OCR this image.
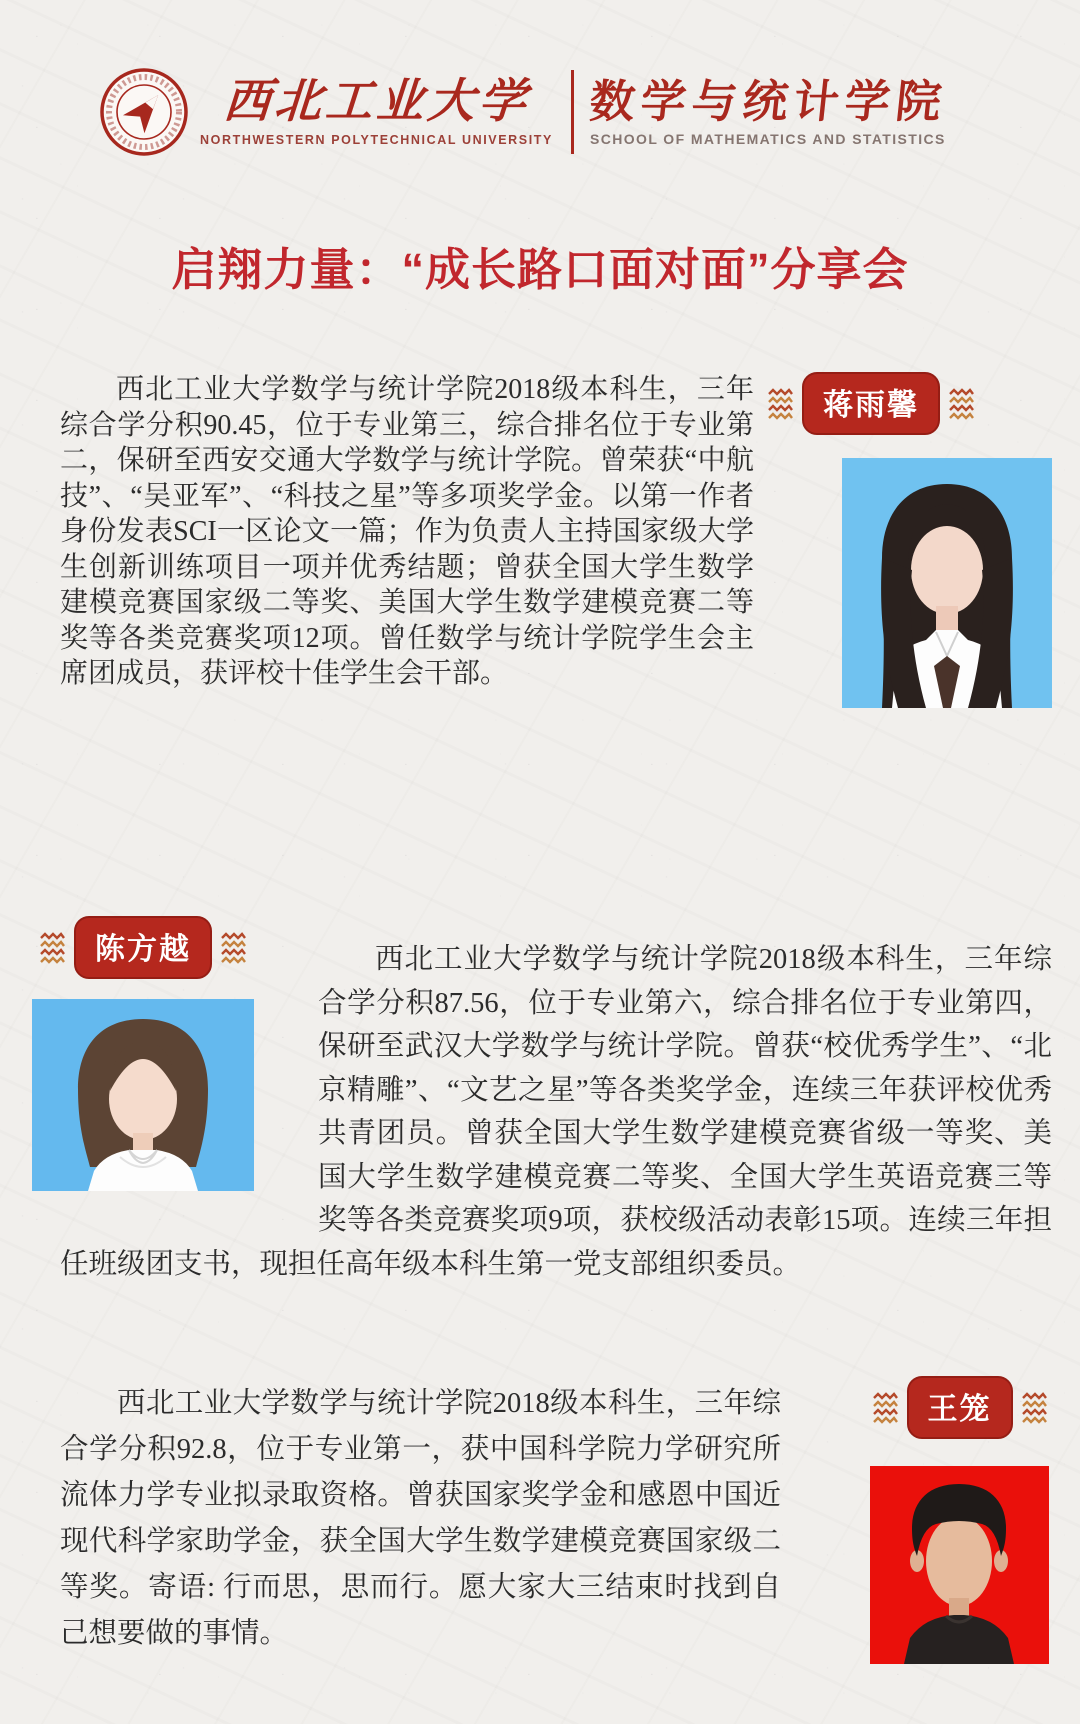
西北工业大学
NORTHWESTERN POLYTECHNICAL UNIVERSITY
数学与统计学院
SCHOOL OF MATHEMATICS AND STATISTICS
启翔力量：“成长路口面对面”分享会
蒋雨馨

西北工业大学数学与统计学院2018级本科生，三年综合学分积90.45，位于专业第三，综合排名位于专业第二，保研至西安交通大学数学与统计学院。曾荣获“中航技”、“吴亚军”、“科技之星”等多项奖学金。以第一作者身份发表SCI一区论文一篇；作为负责人主持国家级大学生创新训练项目一项并优秀结题；曾获全国大学生数学建模竞赛国家级二等奖、美国大学生数学建模竞赛二等奖等各类竞赛奖项12项。曾任数学与统计学院学生会主席团成员，获评校十佳学生会干部。

陈方越	西北工业大学数学与统计学院2018级本科生，三年综合学分积87.56，位于专业第六，综合排名位于专业第四，保研至武汉大学数学与统计学院。曾获“校优秀学生”、“北京精雕”、“文艺之星”等各类奖学金，连续三年获评校优秀共青团员。曾获全国大学生数学建模竞赛省级一等奖、美国大学生数学建模竞赛二等奖、全国大学生英语竞赛三等奖等各类竞赛奖项9项，获校级活动表彰15项。连续三年担任班级团支书，现担任高年级本科生第一党支部组织委员。

王笼

西北工业大学数学与统计学院2018级本科生，三年综合学分积92.8，位于专业第一，获中国科学院力学研究所流体力学专业拟录取资格。曾获国家奖学金和感恩中国近现代科学家助学金，获全国大学生数学建模竞赛国家级二等奖。寄语: 行而思，思而行。愿大家大三结束时找到自己想要做的事情。
